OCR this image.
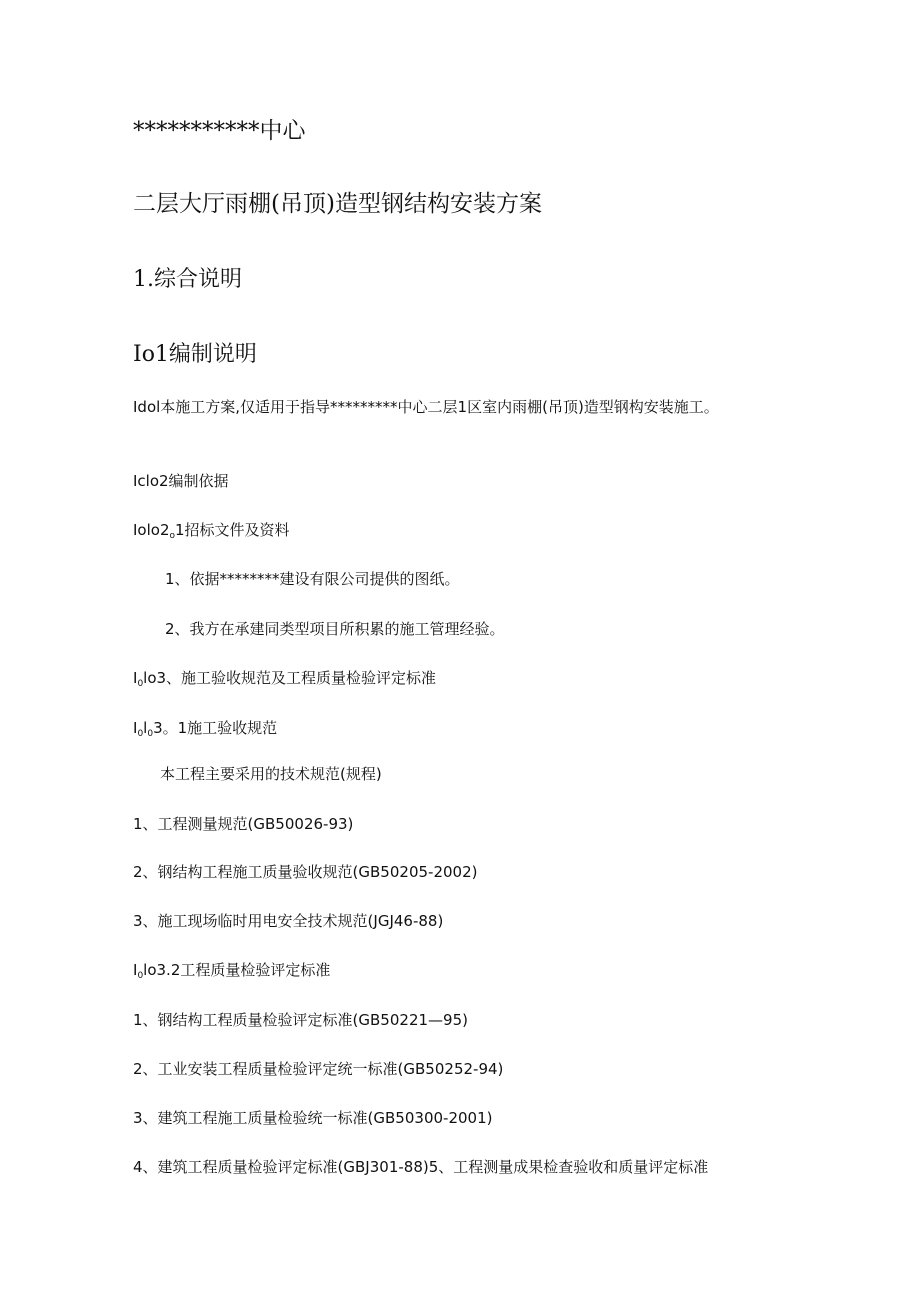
***********中心
二层大厅雨棚(吊顶)造型钢结构安装方案
1.综合说明
Io1编制说明
Idol本施工方案,仅适用于指导*********中心二层1区室内雨棚(吊顶)造型钢构安装施工。
Iclo2编制依据
$Iolo2_o1$招标文件及资料
1、依据********建设有限公司提供的图纸。
2、我方在承建同类型项目所积累的施工管理经验。
$I_0lo3$、施工验收规范及工程质量检验评定标准
$I_0l_03$。1施工验收规范
本工程主要采用的技术规范(规程)
1、工程测量规范(GB50026-93)
2、钢结构工程施工质量验收规范(GB50205-2002)
3、施工现场临时用电安全技术规范(JGJ46-88)
$I_0lo3.2$工程质量检验评定标准
1、钢结构工程质量检验评定标准(GB50221—95)
2、工业安装工程质量检验评定统一标准(GB50252-94)
3、建筑工程施工质量检验统一标准(GB50300-2001)
4、建筑工程质量检验评定标准(GBJ301-88)5、工程测量成果检查验收和质量评定标准
